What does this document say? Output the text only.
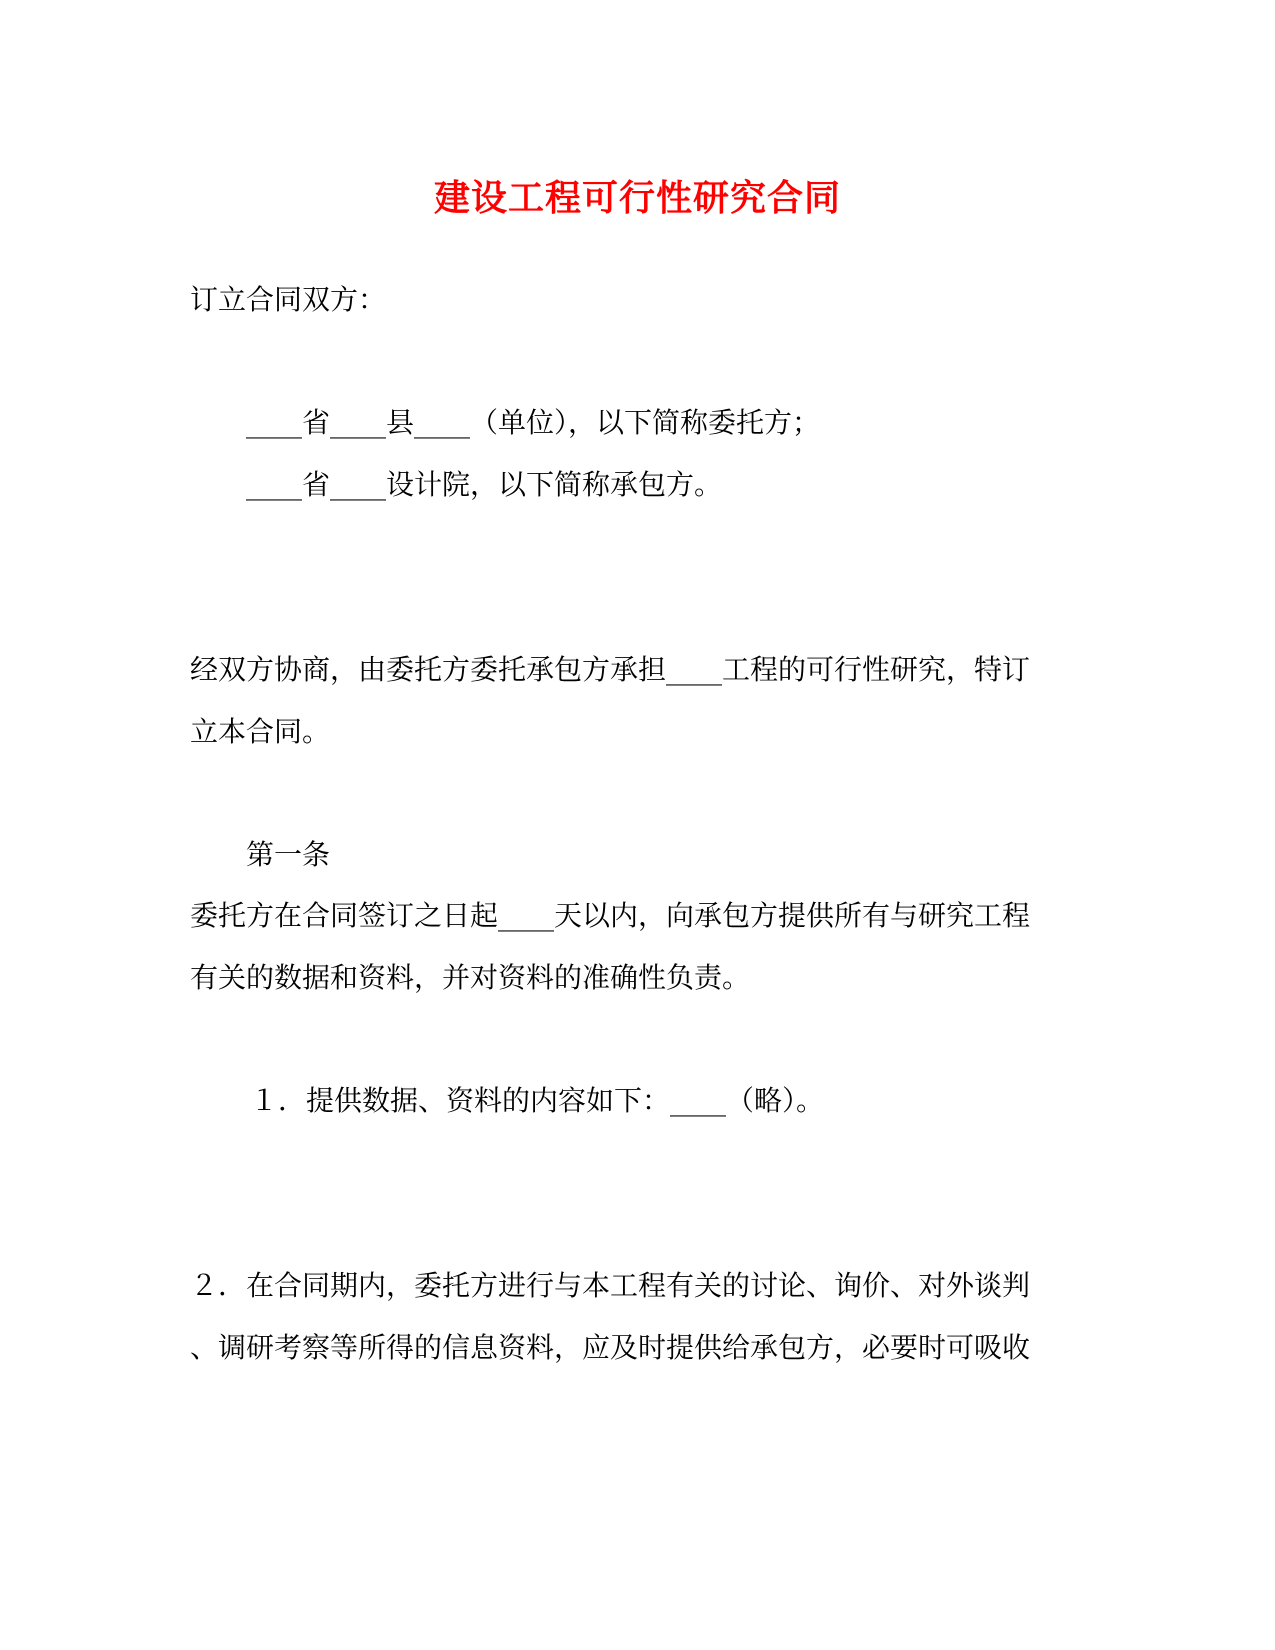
建设工程可行性研究合同
订立合同双方：
____省____县____（单位），以下简称委托方；
____省____设计院，以下简称承包方。
经双方协商，由委托方委托承包方承担____工程的可行性研究，特订
立本合同。
第一条
委托方在合同签订之日起____天以内，向承包方提供所有与研究工程
有关的数据和资料，并对资料的准确性负责。
１．提供数据、资料的内容如下：____（略）。
２．在合同期内，委托方进行与本工程有关的讨论、询价、对外谈判
、调研考察等所得的信息资料，应及时提供给承包方，必要时可吸收
